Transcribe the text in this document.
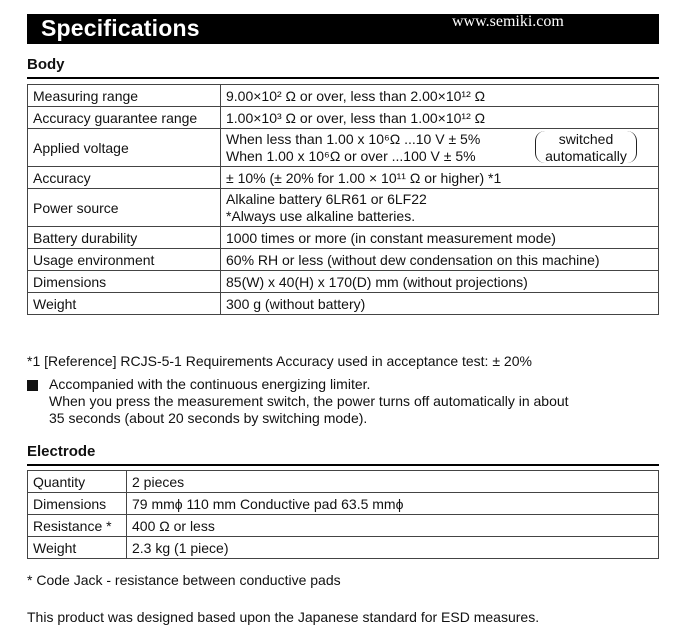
Specifications	www.semiki.com
Body
Measuring range	9.00×10² Ω or over, less than 2.00×10¹² Ω
Accuracy guarantee range	1.00×10³ Ω or over, less than 1.00×10¹² Ω
Applied voltage	When less than 1.00 x 10⁶Ω ...10 V ± 5%
When 1.00 x 10⁶Ω or over ...100 V ± 5%
switched
automatically

Accuracy	± 10% (± 20% for 1.00 × 10¹¹ Ω or higher) *1
Power source	Alkaline battery 6LR61 or 6LF22
*Always use alkaline batteries.

Battery durability	1000 times or more (in constant measurement mode)
Usage environment	60% RH or less (without dew condensation on this machine)
Dimensions	85(W) x 40(H) x 170(D) mm (without projections)
Weight	300 g (without battery)
*1 [Reference] RCJS-5-1 Requirements Accuracy used in acceptance test: ± 20%
Accompanied with the continuous energizing limiter.
When you press the measurement switch, the power turns off automatically in about
35 seconds (about 20 seconds by switching mode).
Electrode
Quantity	2 pieces
Dimensions	79 mmϕ 110 mm Conductive pad 63.5 mmϕ
Resistance *	400 Ω or less
Weight	2.3 kg (1 piece)
* Code Jack - resistance between conductive pads
This product was designed based upon the Japanese standard for ESD measures.
